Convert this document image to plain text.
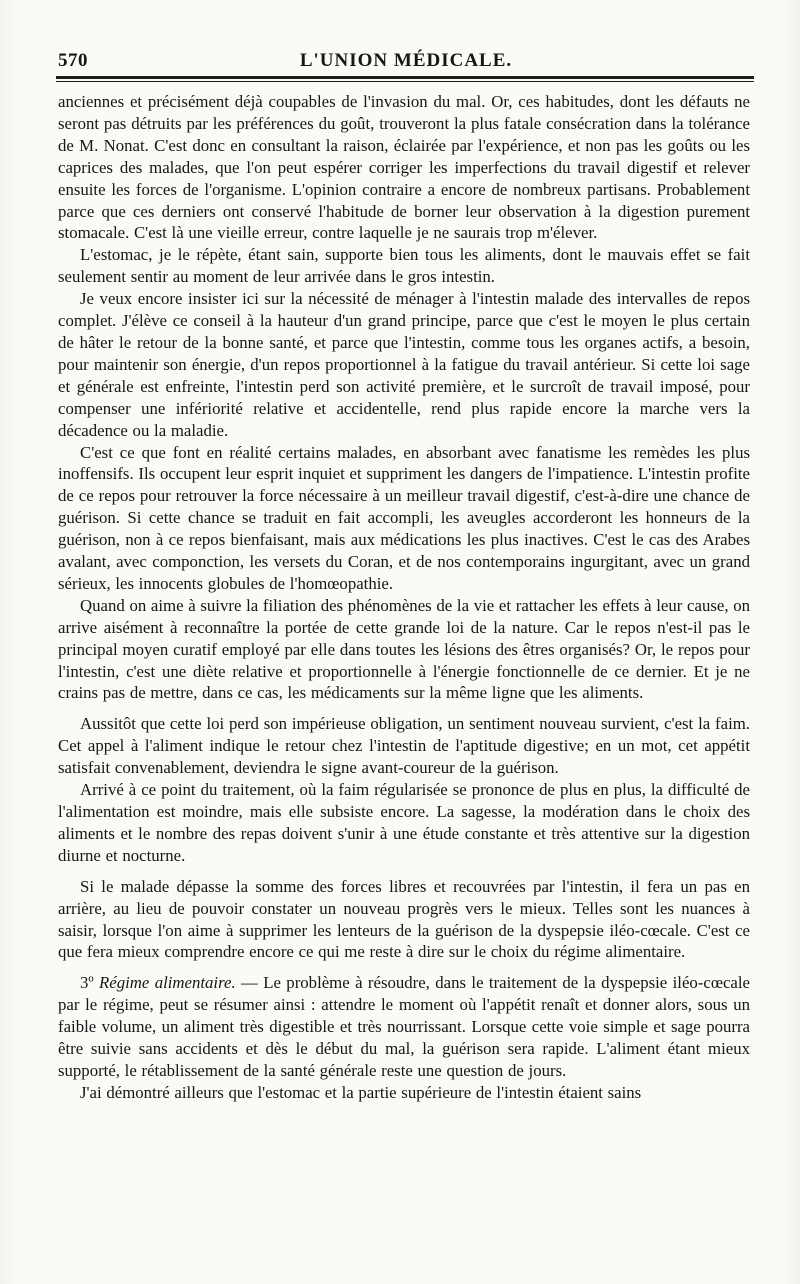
570	L'UNION MÉDICALE.

anciennes et précisément déjà coupables de l'invasion du mal. Or, ces habitudes, dont les défauts ne seront pas détruits par les préférences du goût, trouveront la plus fatale consécration dans la tolérance de M. Nonat. C'est donc en consultant la raison, éclairée par l'expérience, et non pas les goûts ou les caprices des malades, que l'on peut espérer corriger les imperfections du travail digestif et relever ensuite les forces de l'organisme. L'opinion contraire a encore de nombreux partisans. Probablement parce que ces derniers ont conservé l'habitude de borner leur observation à la digestion purement stomacale. C'est là une vieille erreur, contre laquelle je ne saurais trop m'élever.

L'estomac, je le répète, étant sain, supporte bien tous les aliments, dont le mauvais effet se fait seulement sentir au moment de leur arrivée dans le gros intestin.

Je veux encore insister ici sur la nécessité de ménager à l'intestin malade des intervalles de repos complet. J'élève ce conseil à la hauteur d'un grand principe, parce que c'est le moyen le plus certain de hâter le retour de la bonne santé, et parce que l'intestin, comme tous les organes actifs, a besoin, pour maintenir son énergie, d'un repos proportionnel à la fatigue du travail antérieur. Si cette loi sage et générale est enfreinte, l'intestin perd son activité première, et le surcroît de travail imposé, pour compenser une infériorité relative et accidentelle, rend plus rapide encore la marche vers la décadence ou la maladie.

C'est ce que font en réalité certains malades, en absorbant avec fanatisme les remèdes les plus inoffensifs. Ils occupent leur esprit inquiet et suppriment les dangers de l'impatience. L'intestin profite de ce repos pour retrouver la force nécessaire à un meilleur travail digestif, c'est-à-dire une chance de guérison. Si cette chance se traduit en fait accompli, les aveugles accorderont les honneurs de la guérison, non à ce repos bienfaisant, mais aux médications les plus inactives. C'est le cas des Arabes avalant, avec componction, les versets du Coran, et de nos contemporains ingurgitant, avec un grand sérieux, les innocents globules de l'homœopathie.

Quand on aime à suivre la filiation des phénomènes de la vie et rattacher les effets à leur cause, on arrive aisément à reconnaître la portée de cette grande loi de la nature. Car le repos n'est-il pas le principal moyen curatif employé par elle dans toutes les lésions des êtres organisés? Or, le repos pour l'intestin, c'est une diète relative et proportionnelle à l'énergie fonctionnelle de ce dernier. Et je ne crains pas de mettre, dans ce cas, les médicaments sur la même ligne que les aliments.

Aussitôt que cette loi perd son impérieuse obligation, un sentiment nouveau survient, c'est la faim. Cet appel à l'aliment indique le retour chez l'intestin de l'aptitude digestive; en un mot, cet appétit satisfait convenablement, deviendra le signe avant-coureur de la guérison.

Arrivé à ce point du traitement, où la faim régularisée se prononce de plus en plus, la difficulté de l'alimentation est moindre, mais elle subsiste encore. La sagesse, la modération dans le choix des aliments et le nombre des repas doivent s'unir à une étude constante et très attentive sur la digestion diurne et nocturne.

Si le malade dépasse la somme des forces libres et recouvrées par l'intestin, il fera un pas en arrière, au lieu de pouvoir constater un nouveau progrès vers le mieux. Telles sont les nuances à saisir, lorsque l'on aime à supprimer les lenteurs de la guérison de la dyspepsie iléo-cœcale. C'est ce que fera mieux comprendre encore ce qui me reste à dire sur le choix du régime alimentaire.

3º Régime alimentaire. — Le problème à résoudre, dans le traitement de la dyspepsie iléo-cœcale par le régime, peut se résumer ainsi : attendre le moment où l'appétit renaît et donner alors, sous un faible volume, un aliment très digestible et très nourrissant. Lorsque cette voie simple et sage pourra être suivie sans accidents et dès le début du mal, la guérison sera rapide. L'aliment étant mieux supporté, le rétablissement de la santé générale reste une question de jours.

J'ai démontré ailleurs que l'estomac et la partie supérieure de l'intestin étaient sains
